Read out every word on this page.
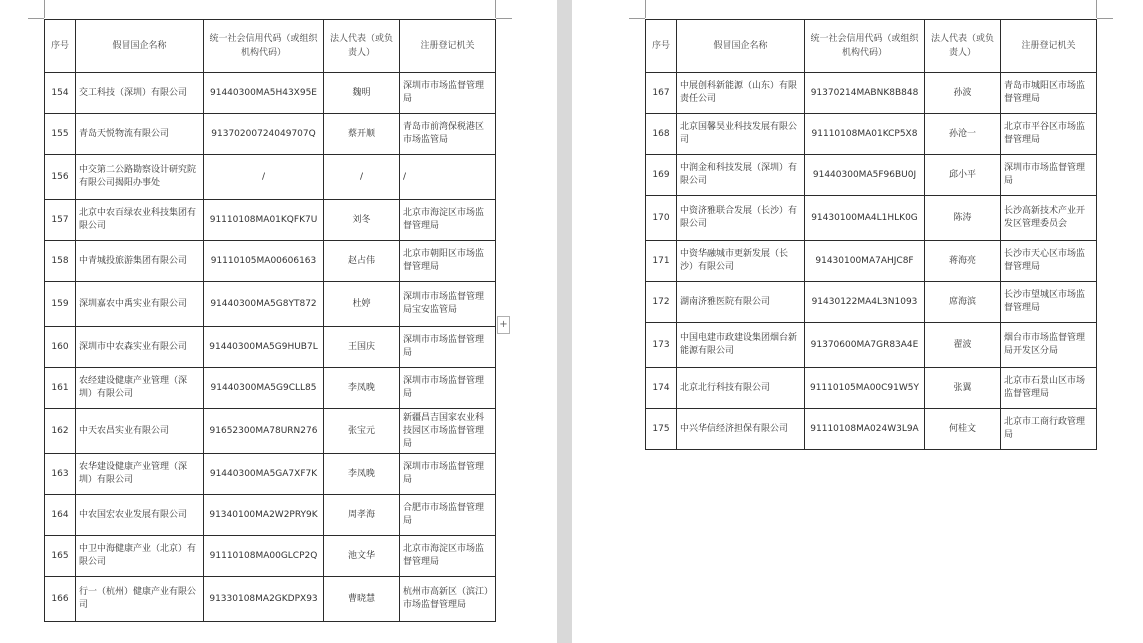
序号	假冒国企名称	统一社会信用代码（或组织机构代码）	法人代表（或负责人）	注册登记机关
154	交工科技（深圳）有限公司	91440300MA5H43X95E	魏明	深圳市市场监督管理局
155	青岛天悦物流有限公司	91370200724049707Q	蔡开顺	青岛市前湾保税港区市场监管局
156	中交第二公路勘察设计研究院有限公司揭阳办事处	/	/	/
157	北京中农百绿农业科技集团有限公司	91110108MA01KQFK7U	刘冬	北京市海淀区市场监督管理局
158	中青城投旅游集团有限公司	91110105MA00606163	赵占伟	北京市朝阳区市场监督管理局
159	深圳嘉农中禹实业有限公司	91440300MA5G8YT872	杜婷	深圳市市场监督管理局宝安监管局
160	深圳市中农森实业有限公司	91440300MA5G9HUB7L	王国庆	深圳市市场监督管理局
161	农经建设健康产业管理（深圳）有限公司	91440300MA5G9CLL85	李凤晚	深圳市市场监督管理局
162	中天农昌实业有限公司	91652300MA78URN276	张宝元	新疆昌吉国家农业科技园区市场监督管理局
163	农华建设健康产业管理（深圳）有限公司	91440300MA5GA7XF7K	李凤晚	深圳市市场监督管理局
164	中农国宏农业发展有限公司	91340100MA2W2PRY9K	周孝海	合肥市市场监督管理局
165	中卫中海健康产业（北京）有限公司	91110108MA00GLCP2Q	池文华	北京市海淀区市场监督管理局
166	行一（杭州）健康产业有限公司	91330108MA2GKDPX93	曹晓慧	杭州市高新区（滨江）市场监督管理局
序号	假冒国企名称	统一社会信用代码（或组织机构代码）	法人代表（或负责人）	注册登记机关
167	中展创科新能源（山东）有限责任公司	91370214MABNK8B848	孙波	青岛市城阳区市场监督管理局
168	北京国馨昊业科技发展有限公司	91110108MA01KCP5X8	孙沧一	北京市平谷区市场监督管理局
169	中润金和科技发展（深圳）有限公司	91440300MA5F96BU0J	邱小平	深圳市市场监督管理局
170	中资济雅联合发展（长沙）有限公司	91430100MA4L1HLK0G	陈涛	长沙高新技术产业开发区管理委员会
171	中资华融城市更新发展（长沙）有限公司	91430100MA7AHJC8F	蒋海亮	长沙市天心区市场监督管理局
172	湖南济雅医院有限公司	91430122MA4L3N1093	席海滨	长沙市望城区市场监督管理局
173	中国电建市政建设集团烟台新能源有限公司	91370600MA7GR83A4E	翟波	烟台市市场监督管理局开发区分局
174	北京北行科技有限公司	91110105MA00C91W5Y	张翼	北京市石景山区市场监督管理局
175	中兴华信经济担保有限公司	91110108MA024W3L9A	何桂文	北京市工商行政管理局
+
